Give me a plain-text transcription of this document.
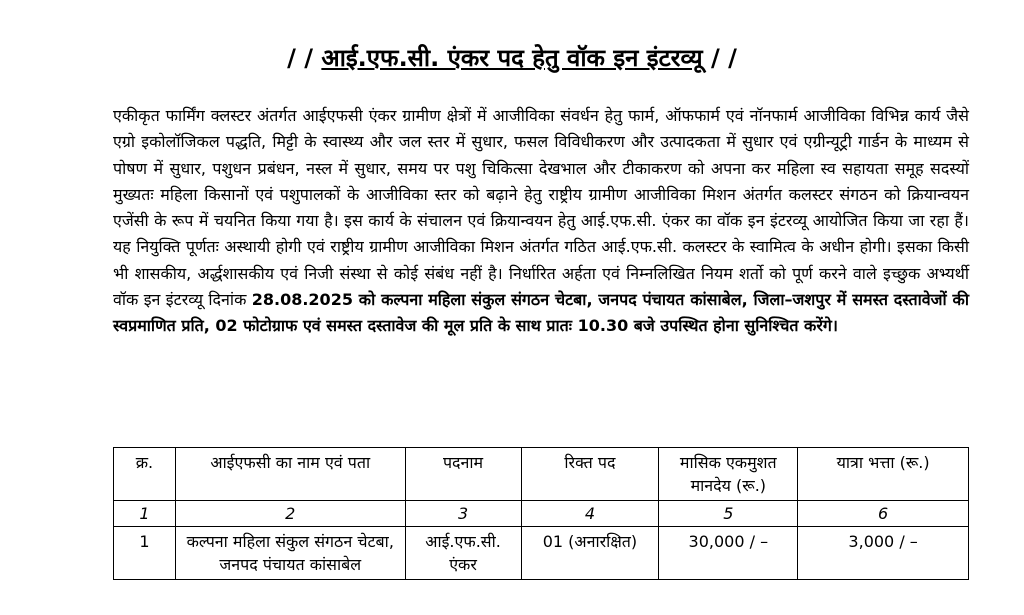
/ / आई.एफ.सी. एंकर पद हेतु वॉक इन इंटरव्यू / /
एकीकृत फार्मिंग क्लस्टर अंतर्गत आईएफसी एंकर ग्रामीण क्षेत्रों में आजीविका संवर्धन हेतु फार्म, ऑफफार्म एवं नॉनफार्म आजीविका विभिन्न कार्य जैसे एग्रो इकोलॉजिकल पद्धति, मिट्टी के स्वास्थ्य और जल स्तर में सुधार, फसल विविधीकरण और उत्पादकता में सुधार एवं एग्रीन्यूट्री गार्डन के माध्यम से पोषण में सुधार, पशुधन प्रबंधन, नस्ल में सुधार, समय पर पशु चिकित्सा देखभाल और टीकाकरण को अपना कर महिला स्व सहायता समूह सदस्यों मुख्यतः महिला किसानों एवं पशुपालकों के आजीविका स्तर को बढ़ाने हेतु राष्ट्रीय ग्रामीण आजीविका मिशन अंतर्गत कलस्टर संगठन को क्रियान्वयन एजेंसी के रूप में चयनित किया गया है। इस कार्य के संचालन एवं क्रियान्वयन हेतु आई.एफ.सी. एंकर का वॉक इन इंटरव्यू आयोजित किया जा रहा हैं। यह नियुक्ति पूर्णतः अस्थायी होगी एवं राष्ट्रीय ग्रामीण आजीविका मिशन अंतर्गत गठित आई.एफ.सी. कलस्टर के स्वामित्व के अधीन होगी। इसका किसी भी शासकीय, अर्द्धशासकीय एवं निजी संस्था से कोई संबंध नहीं है। निर्धारित अर्हता एवं निम्नलिखित नियम शर्तो को पूर्ण करने वाले इच्छुक अभ्यर्थी वॉक इन इंटरव्यू दिनांक 28.08.2025 को कल्पना महिला संकुल संगठन चेटबा, जनपद पंचायत कांसाबेल, जिला–जशपुर में समस्त दस्तावेजों की स्वप्रमाणित प्रति, 02 फोटोग्राफ एवं समस्त दस्तावेज की मूल प्रति के साथ प्रातः 10.30 बजे उपस्थित होना सुनिश्चित करेंगे।
क्र.	आईएफसी का नाम एवं पता	पदनाम	रिक्त पद	मासिक एकमुशत मानदेय (रू.)	यात्रा भत्ता (रू.)
1	2	3	4	5	6
1	कल्पना महिला संकुल संगठन चेटबा, जनपद पंचायत कांसाबेल	आई.एफ.सी. एंकर	01 (अनारक्षित)	30,000 / –	3,000 / –
